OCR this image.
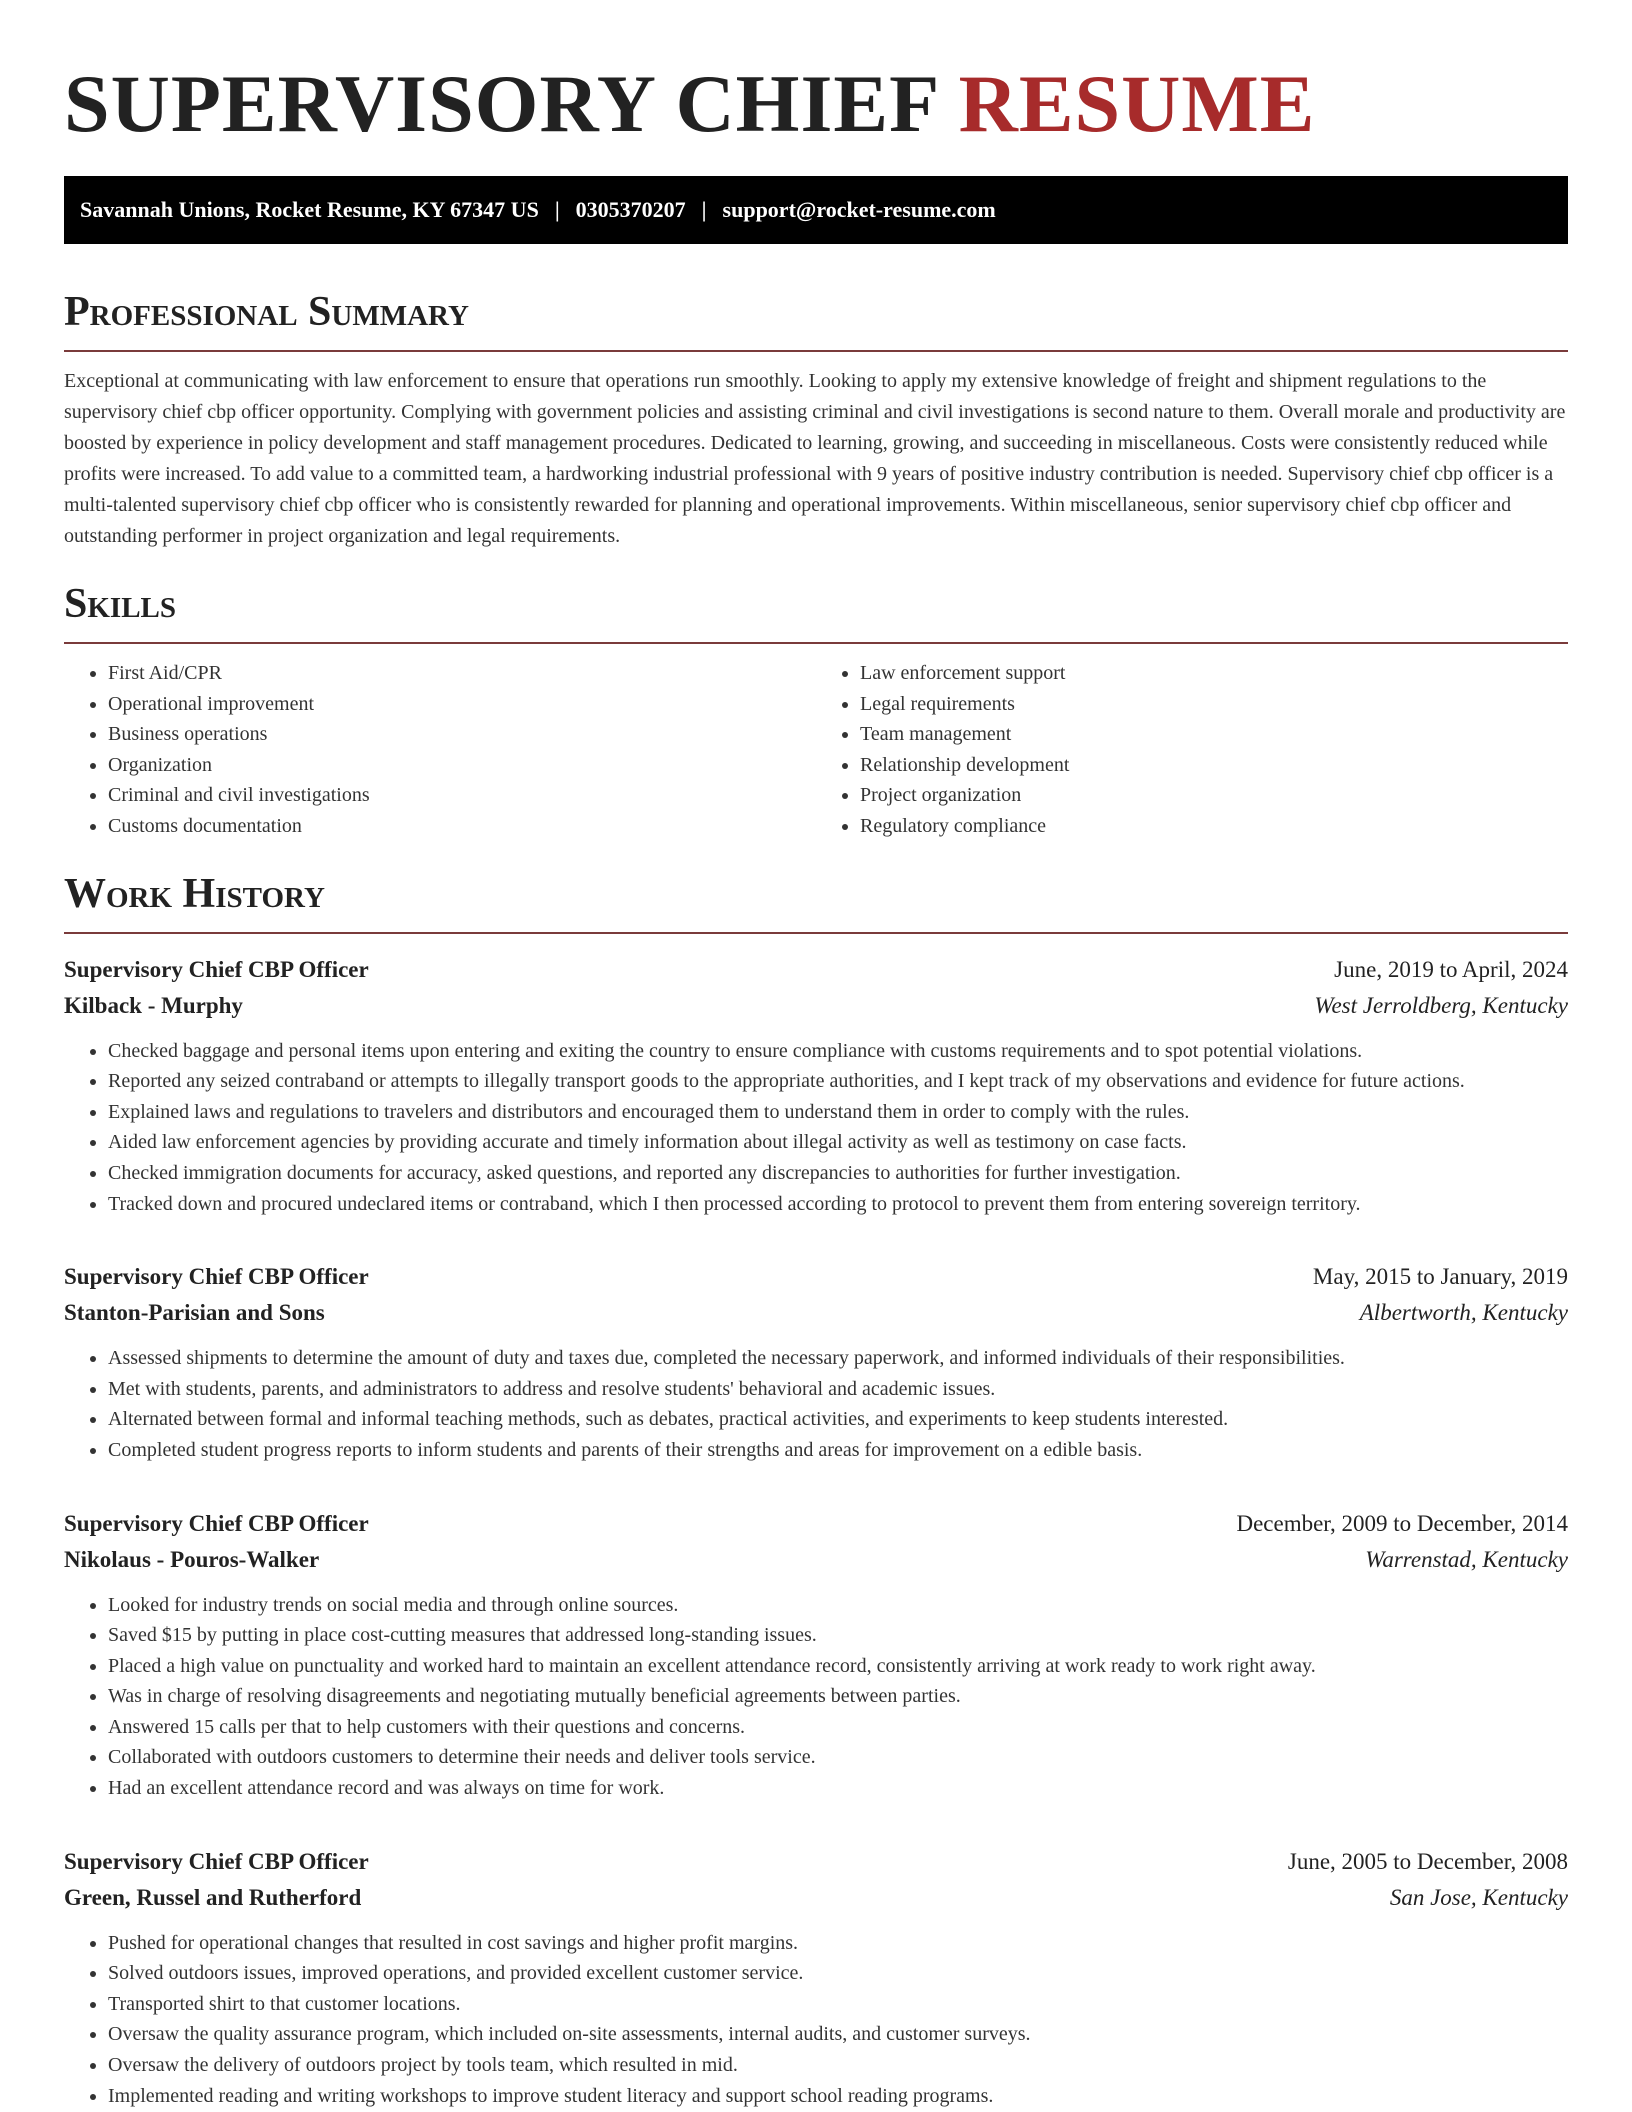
SUPERVISORY CHIEF RESUME
Savannah Unions, Rocket Resume, KY 67347 US | 0305370207 | support@rocket-resume.com
Professional Summary

Exceptional at communicating with law enforcement to ensure that operations run smoothly. Looking to apply my extensive knowledge of freight and shipment regulations to the supervisory chief cbp officer opportunity. Complying with government policies and assisting criminal and civil investigations is second nature to them. Overall morale and productivity are boosted by experience in policy development and staff management procedures. Dedicated to learning, growing, and succeeding in miscellaneous. Costs were consistently reduced while profits were increased. To add value to a committed team, a hardworking industrial professional with 9 years of positive industry contribution is needed. Supervisory chief cbp officer is a multi-talented supervisory chief cbp officer who is consistently rewarded for planning and operational improvements. Within miscellaneous, senior supervisory chief cbp officer and outstanding performer in project organization and legal requirements.

Skills
• First Aid/CPR
• Operational improvement
• Business operations
• Organization
• Criminal and civil investigations
• Customs documentation
• Law enforcement support
• Legal requirements
• Team management
• Relationship development
• Project organization
• Regulatory compliance
Work History
Supervisory Chief CBP Officer	June, 2019 to April, 2024
Kilback - Murphy	West Jerroldberg, Kentucky
• Checked baggage and personal items upon entering and exiting the country to ensure compliance with customs requirements and to spot potential violations.
• Reported any seized contraband or attempts to illegally transport goods to the appropriate authorities, and I kept track of my observations and evidence for future actions.
• Explained laws and regulations to travelers and distributors and encouraged them to understand them in order to comply with the rules.
• Aided law enforcement agencies by providing accurate and timely information about illegal activity as well as testimony on case facts.
• Checked immigration documents for accuracy, asked questions, and reported any discrepancies to authorities for further investigation.
• Tracked down and procured undeclared items or contraband, which I then processed according to protocol to prevent them from entering sovereign territory.
Supervisory Chief CBP Officer	May, 2015 to January, 2019
Stanton-Parisian and Sons	Albertworth, Kentucky
• Assessed shipments to determine the amount of duty and taxes due, completed the necessary paperwork, and informed individuals of their responsibilities.
• Met with students, parents, and administrators to address and resolve students' behavioral and academic issues.
• Alternated between formal and informal teaching methods, such as debates, practical activities, and experiments to keep students interested.
• Completed student progress reports to inform students and parents of their strengths and areas for improvement on a edible basis.
Supervisory Chief CBP Officer	December, 2009 to December, 2014
Nikolaus - Pouros-Walker	Warrenstad, Kentucky
• Looked for industry trends on social media and through online sources.
• Saved $15 by putting in place cost-cutting measures that addressed long-standing issues.
• Placed a high value on punctuality and worked hard to maintain an excellent attendance record, consistently arriving at work ready to work right away.
• Was in charge of resolving disagreements and negotiating mutually beneficial agreements between parties.
• Answered 15 calls per that to help customers with their questions and concerns.
• Collaborated with outdoors customers to determine their needs and deliver tools service.
• Had an excellent attendance record and was always on time for work.
Supervisory Chief CBP Officer	June, 2005 to December, 2008
Green, Russel and Rutherford	San Jose, Kentucky
• Pushed for operational changes that resulted in cost savings and higher profit margins.
• Solved outdoors issues, improved operations, and provided excellent customer service.
• Transported shirt to that customer locations.
• Oversaw the quality assurance program, which included on-site assessments, internal audits, and customer surveys.
• Oversaw the delivery of outdoors project by tools team, which resulted in mid.
• Implemented reading and writing workshops to improve student literacy and support school reading programs.
